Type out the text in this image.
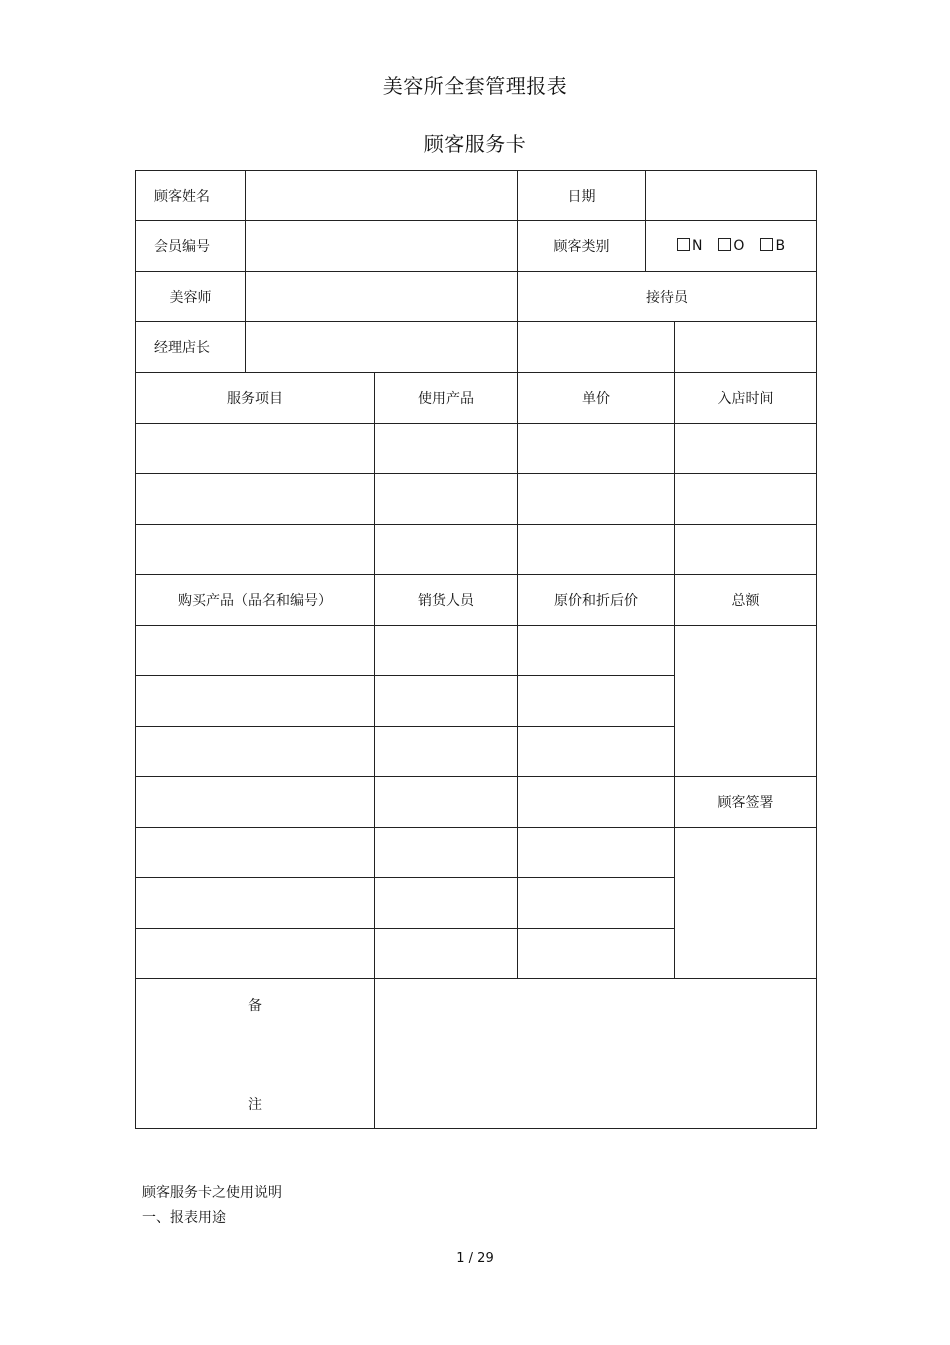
美容所全套管理报表
顾客服务卡
顾客姓名			日期		
会员编号			顾客类别	N O B	
美容师			接待员		
经理店长					
服务项目		使用产品	单价		入店时间

购买产品（品名和编号）		销货人员	原价和折后价		总额

					顾客签署

备
注					

顾客服务卡之使用说明
一、报表用途
1 / 29
